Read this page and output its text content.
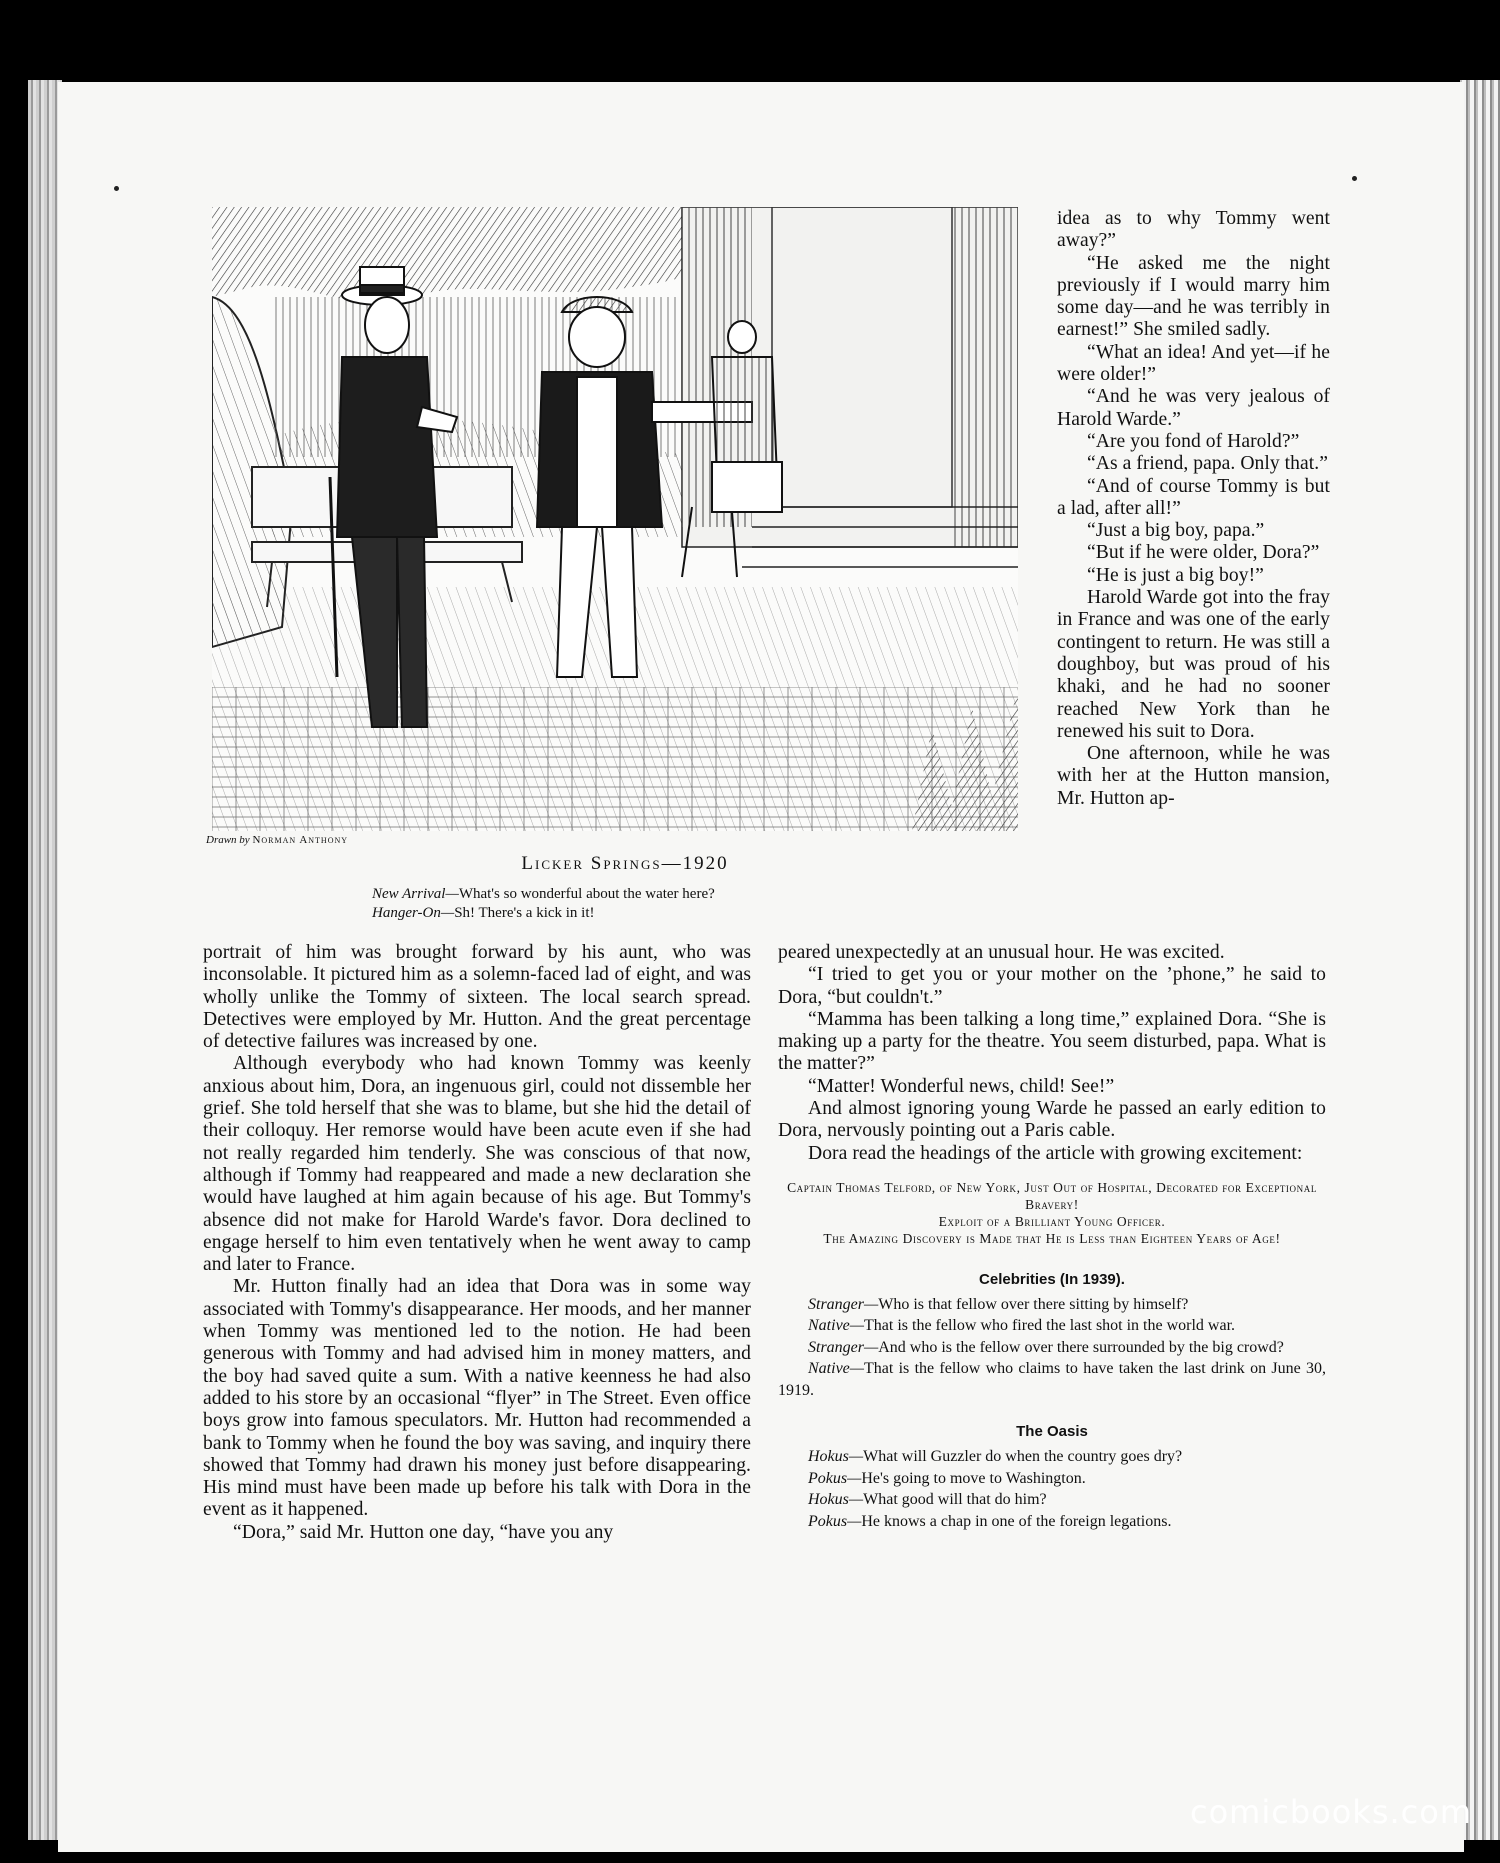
Drawn by Norman Anthony
Licker Springs—1920
New Arrival—What's so wonderful about the water here?
Hanger-On—Sh! There's a kick in it!

idea as to why Tommy went away?”

“He asked me the night previously if I would marry him some day—and he was terribly in earnest!” She smiled sadly.

“What an idea! And yet—if he were older!”

“And he was very jealous of Harold Warde.”

“Are you fond of Harold?”

“As a friend, papa. Only that.”

“And of course Tommy is but a lad, after all!”

“Just a big boy, papa.”

“But if he were older, Dora?”

“He is just a big boy!”

Harold Warde got into the fray in France and was one of the early contingent to return. He was still a doughboy, but was proud of his khaki, and he had no sooner reached New York than he renewed his suit to Dora.

One afternoon, while he was with her at the Hutton mansion, Mr. Hutton ap-

portrait of him was brought forward by his aunt, who was inconsolable. It pictured him as a solemn-faced lad of eight, and was wholly unlike the Tommy of sixteen. The local search spread. Detectives were employed by Mr. Hutton. And the great percentage of detective failures was increased by one.

Although everybody who had known Tommy was keenly anxious about him, Dora, an ingenuous girl, could not dissemble her grief. She told herself that she was to blame, but she hid the detail of their colloquy. Her remorse would have been acute even if she had not really regarded him tenderly. She was conscious of that now, although if Tommy had reappeared and made a new declaration she would have laughed at him again because of his age. But Tommy's absence did not make for Harold Warde's favor. Dora declined to engage herself to him even tentatively when he went away to camp and later to France.

Mr. Hutton finally had an idea that Dora was in some way associated with Tommy's disappearance. Her moods, and her manner when Tommy was mentioned led to the notion. He had been generous with Tommy and had advised him in money matters, and the boy had saved quite a sum. With a native keenness he had also added to his store by an occasional “flyer” in The Street. Even office boys grow into famous speculators. Mr. Hutton had recommended a bank to Tommy when he found the boy was saving, and inquiry there showed that Tommy had drawn his money just before disappearing. His mind must have been made up before his talk with Dora in the event as it happened.

“Dora,” said Mr. Hutton one day, “have you any

peared unexpectedly at an unusual hour. He was excited.

“I tried to get you or your mother on the ’phone,” he said to Dora, “but couldn't.”

“Mamma has been talking a long time,” explained Dora. “She is making up a party for the theatre. You seem disturbed, papa. What is the matter?”

“Matter! Wonderful news, child! See!”

And almost ignoring young Warde he passed an early edition to Dora, nervously pointing out a Paris cable.

Dora read the headings of the article with growing excitement:

Captain Thomas Telford, of New York, Just Out of Hospital, Decorated for Exceptional Bravery!

Exploit of a Brilliant Young Officer.

The Amazing Discovery is Made that He is Less than Eighteen Years of Age!

Celebrities (In 1939).

Stranger—Who is that fellow over there sitting by himself?

Native—That is the fellow who fired the last shot in the world war.

Stranger—And who is the fellow over there surrounded by the big crowd?

Native—That is the fellow who claims to have taken the last drink on June 30, 1919.

The Oasis

Hokus—What will Guzzler do when the country goes dry?

Pokus—He's going to move to Washington.

Hokus—What good will that do him?

Pokus—He knows a chap in one of the foreign legations.

comicbooks.com
